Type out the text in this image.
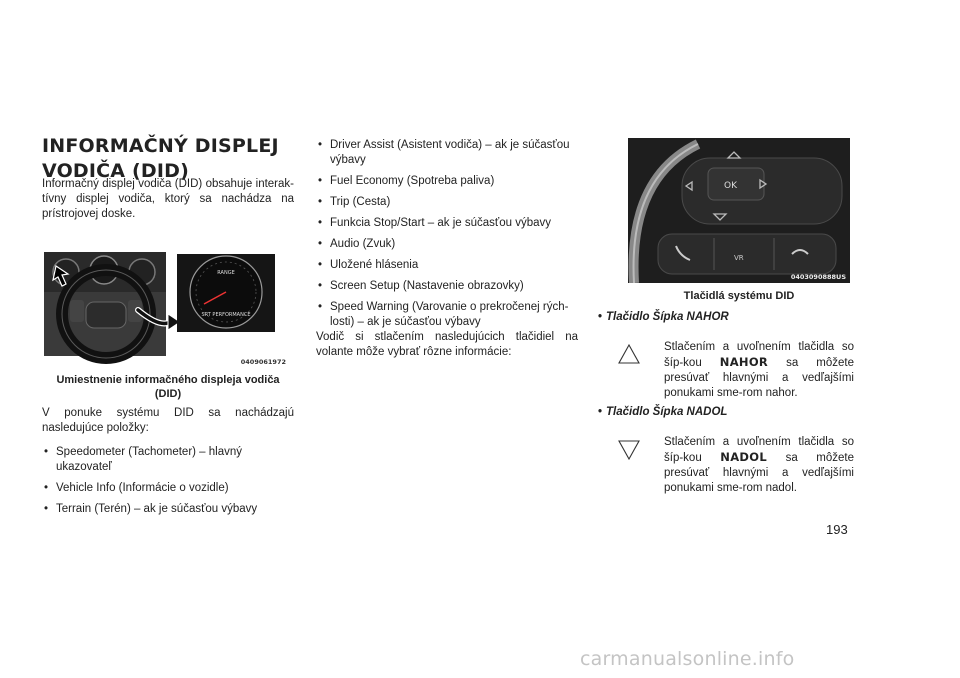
INFORMAČNÝ DISPLEJ
VODIČA (DID)

Informačný displej vodiča (DID) obsahuje interak-tívny displej vodiča, ktorý sa nachádza na prístrojovej doske.

RANGE
SRT PERFORMANCE
0409061972

Umiestnenie informačného displeja vodiča (DID)

V ponuke systému DID sa nachádzajú nasledujúce položky:

• Speedometer (Tachometer) – hlavný ukazovateľ
• Vehicle Info (Informácie o vozidle)
• Terrain (Terén) – ak je súčasťou výbavy
• Driver Assist (Asistent vodiča) – ak je súčasťou výbavy
• Fuel Economy (Spotreba paliva)
• Trip (Cesta)
• Funkcia Stop/Start – ak je súčasťou výbavy
• Audio (Zvuk)
• Uložené hlásenia
• Screen Setup (Nastavenie obrazovky)
• Speed Warning (Varovanie o prekročenej rých-losti) – ak je súčasťou výbavy

Vodič si stlačením nasledujúcich tlačidiel na volante môže vybrať rôzne informácie:

OK
VR
0403090888US

Tlačidlá systému DID

• Tlačidlo Šípka NAHOR

Stlačením a uvoľnením tlačidla so šíp-kou NAHOR sa môžete presúvať hlavnými a vedľajšími ponukami sme-rom nahor.

• Tlačidlo Šípka NADOL

Stlačením a uvoľnením tlačidla so šíp-kou NADOL sa môžete presúvať hlavnými a vedľajšími ponukami sme-rom nadol.

193
carmanualsonline.info
